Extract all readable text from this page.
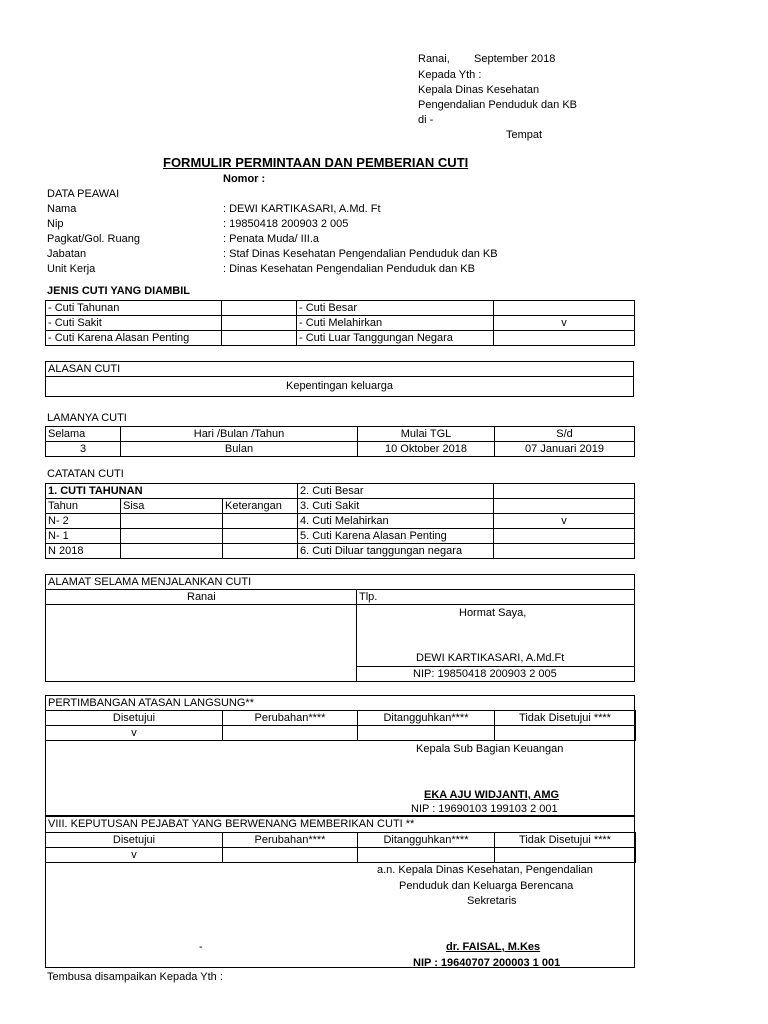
Ranai, September 2018
Kepada Yth :
Kepala Dinas Kesehatan
Pengendalian Penduduk dan KB
di -
Tempat
FORMULIR PERMINTAAN DAN PEMBERIAN CUTI
Nomor :
DATA PEAWAI
Nama	: DEWI KARTIKASARI, A.Md. Ft
Nip	: 19850418 200903 2 005
Pagkat/Gol. Ruang	: Penata Muda/ III.a
Jabatan	: Staf Dinas Kesehatan Pengendalian Penduduk dan KB
Unit Kerja	: Dinas Kesehatan Pengendalian Penduduk dan KB
JENIS CUTI YANG DIAMBIL
- Cuti Tahunan		- Cuti Besar	
- Cuti Sakit		- Cuti Melahirkan	v
- Cuti Karena Alasan Penting		- Cuti Luar Tanggungan Negara	
ALASAN CUTI
Kepentingan keluarga
LAMANYA CUTI
Selama	Hari /Bulan /Tahun	Mulai TGL	S/d
3	Bulan	10 Oktober 2018	07 Januari 2019
CATATAN CUTI
1. CUTI TAHUNAN			2. Cuti Besar	
Tahun	Sisa	Keterangan	3. Cuti Sakit	
N- 2			4. Cuti Melahirkan	v
N- 1			5. Cuti Karena Alasan Penting	
N 2018			6. Cuti Diluar tanggungan negara	
ALAMAT SELAMA MENJALANKAN CUTI
Ranai	Tlp.
Hormat Saya,
DEWI KARTIKASARI, A.Md.Ft
NIP: 19850418 200903 2 005
Disetujui	Perubahan****	Ditangguhkan****	Tidak Disetujui ****
v			
PERTIMBANGAN ATASAN LANGSUNG**
Kepala Sub Bagian Keuangan
EKA AJU WIDJANTI, AMG
NIP : 19690103 199103 2 001
Disetujui	Perubahan****	Ditangguhkan****	Tidak Disetujui ****
v			
VIII. KEPUTUSAN PEJABAT YANG BERWENANG MEMBERIKAN CUTI **
a.n. Kepala Dinas Kesehatan, Pengendalian
Penduduk dan Keluarga Berencana
Sekretaris
-	dr. FAISAL, M.Kes
NIP : 19640707 200003 1 001
Tembusa disampaikan Kepada Yth :
